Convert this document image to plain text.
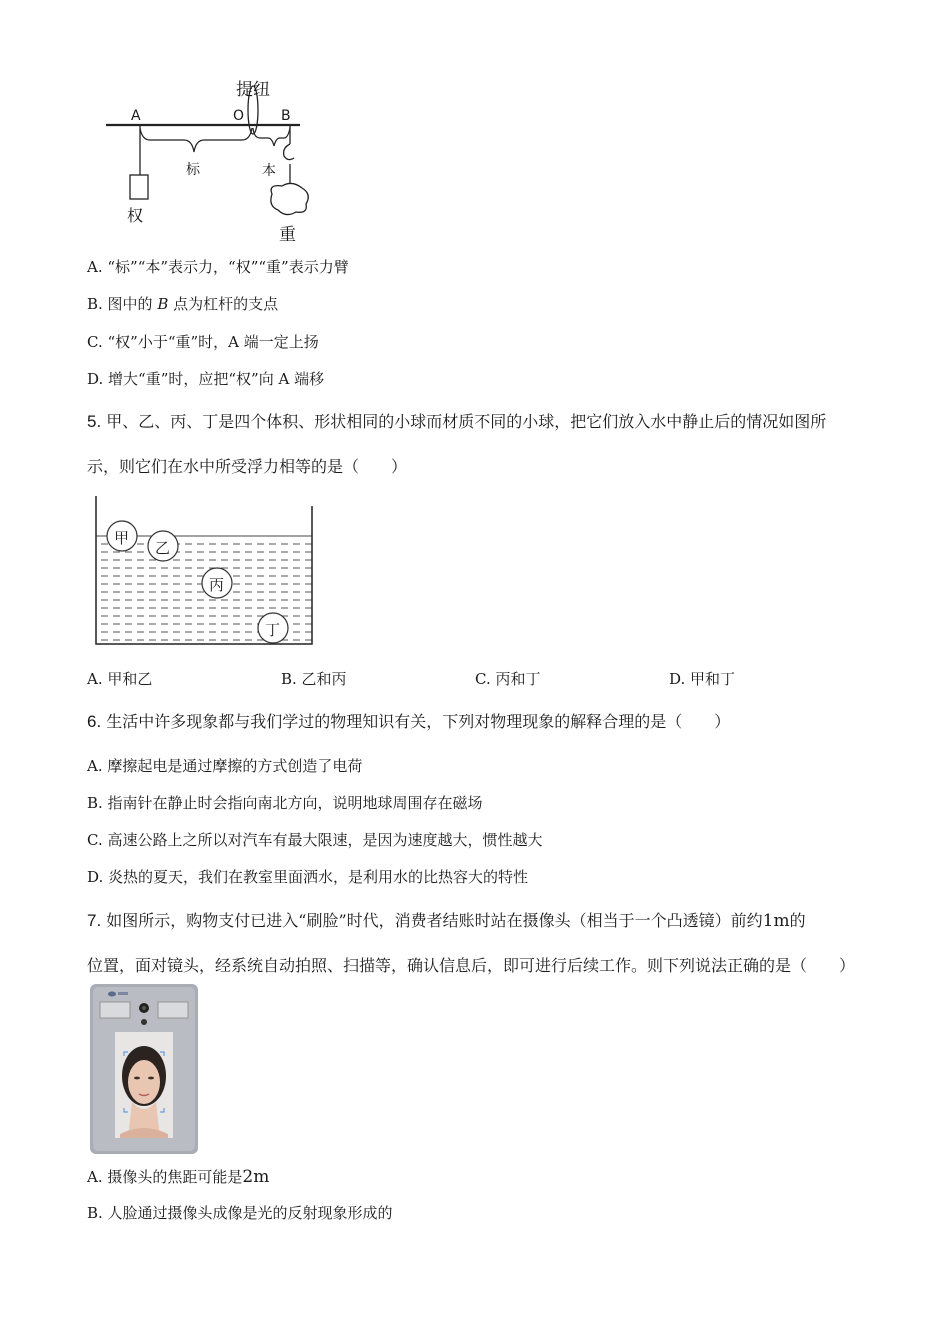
提纽
A	O	B
标	本
权
重
A. “标”“本”表示力，“权”“重”表示力臂
B. 图中的 B 点为杠杆的支点
C. “权”小于“重”时，A 端一定上扬
D. 增大“重”时，应把“权”向 A 端移
5. 甲、乙、丙、丁是四个体积、形状相同的小球而材质不同的小球，把它们放入水中静止后的情况如图所
示，则它们在水中所受浮力相等的是（　　）
甲
乙
丙
丁
A. 甲和乙	B. 乙和丙	C. 丙和丁	D. 甲和丁
6. 生活中许多现象都与我们学过的物理知识有关，下列对物理现象的解释合理的是（　　）
A. 摩擦起电是通过摩擦的方式创造了电荷
B. 指南针在静止时会指向南北方向，说明地球周围存在磁场
C. 高速公路上之所以对汽车有最大限速，是因为速度越大，惯性越大
D. 炎热的夏天，我们在教室里面洒水，是利用水的比热容大的特性
7. 如图所示，购物支付已进入“刷脸”时代，消费者结账时站在摄像头（相当于一个凸透镜）前约1m的
位置，面对镜头，经系统自动拍照、扫描等，确认信息后，即可进行后续工作。则下列说法正确的是（　　）
A. 摄像头的焦距可能是2m
B. 人脸通过摄像头成像是光的反射现象形成的
